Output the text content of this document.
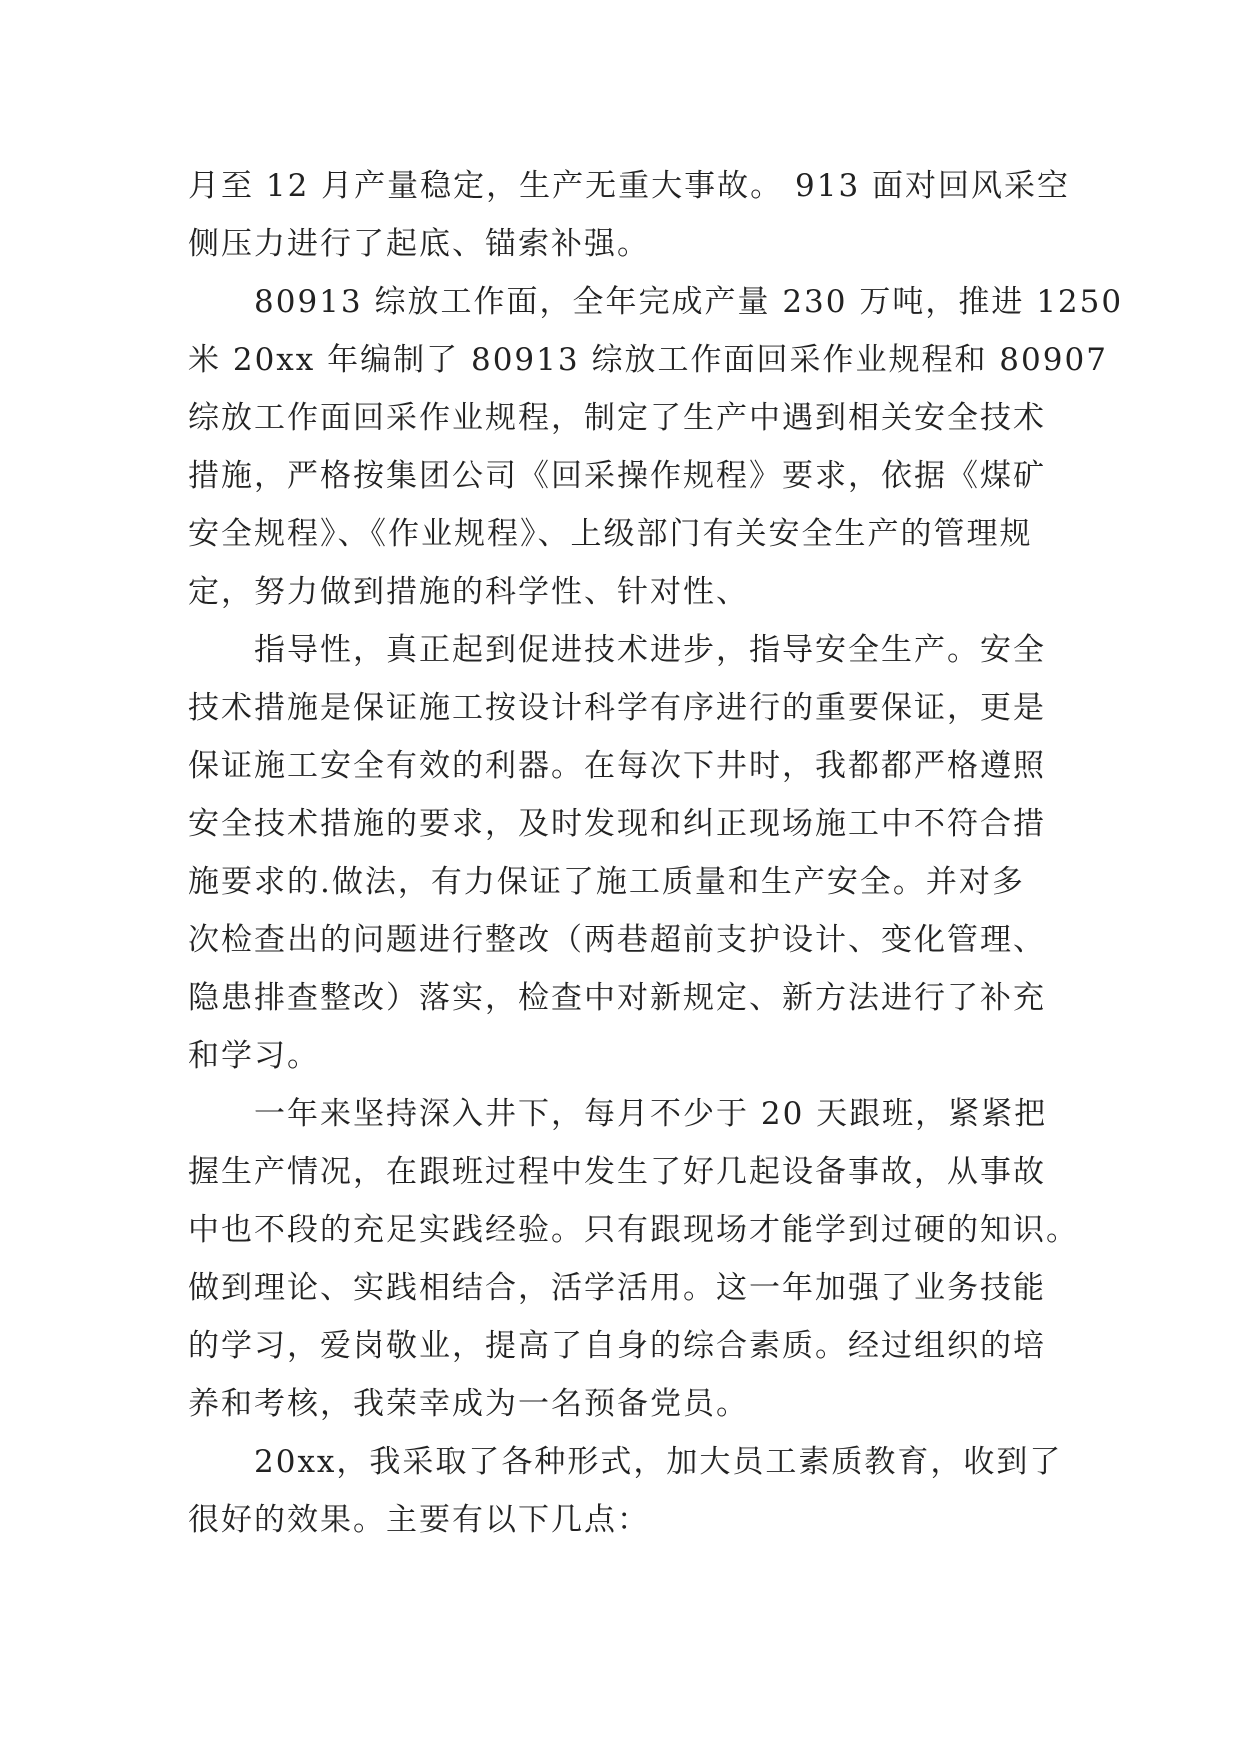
月至 12 月产量稳定，生产无重大事故。 913 面对回风采空
侧压力进行了起底、锚索补强。
80913 综放工作面，全年完成产量 230 万吨，推进 1250
米 20xx 年编制了 80913 综放工作面回采作业规程和 80907
综放工作面回采作业规程，制定了生产中遇到相关安全技术
措施，严格按集团公司《回采操作规程》要求，依据《煤矿
安全规程》、《作业规程》、上级部门有关安全生产的管理规
定，努力做到措施的科学性、针对性、
指导性，真正起到促进技术进步，指导安全生产。安全
技术措施是保证施工按设计科学有序进行的重要保证，更是
保证施工安全有效的利器。在每次下井时，我都都严格遵照
安全技术措施的要求，及时发现和纠正现场施工中不符合措
施要求的.做法，有力保证了施工质量和生产安全。并对多
次检查出的问题进行整改（两巷超前支护设计、变化管理、
隐患排查整改）落实，检查中对新规定、新方法进行了补充
和学习。
一年来坚持深入井下，每月不少于 20 天跟班，紧紧把
握生产情况，在跟班过程中发生了好几起设备事故，从事故
中也不段的充足实践经验。只有跟现场才能学到过硬的知识。
做到理论、实践相结合，活学活用。这一年加强了业务技能
的学习，爱岗敬业，提高了自身的综合素质。经过组织的培
养和考核，我荣幸成为一名预备党员。
20xx，我采取了各种形式，加大员工素质教育，收到了
很好的效果。主要有以下几点：
